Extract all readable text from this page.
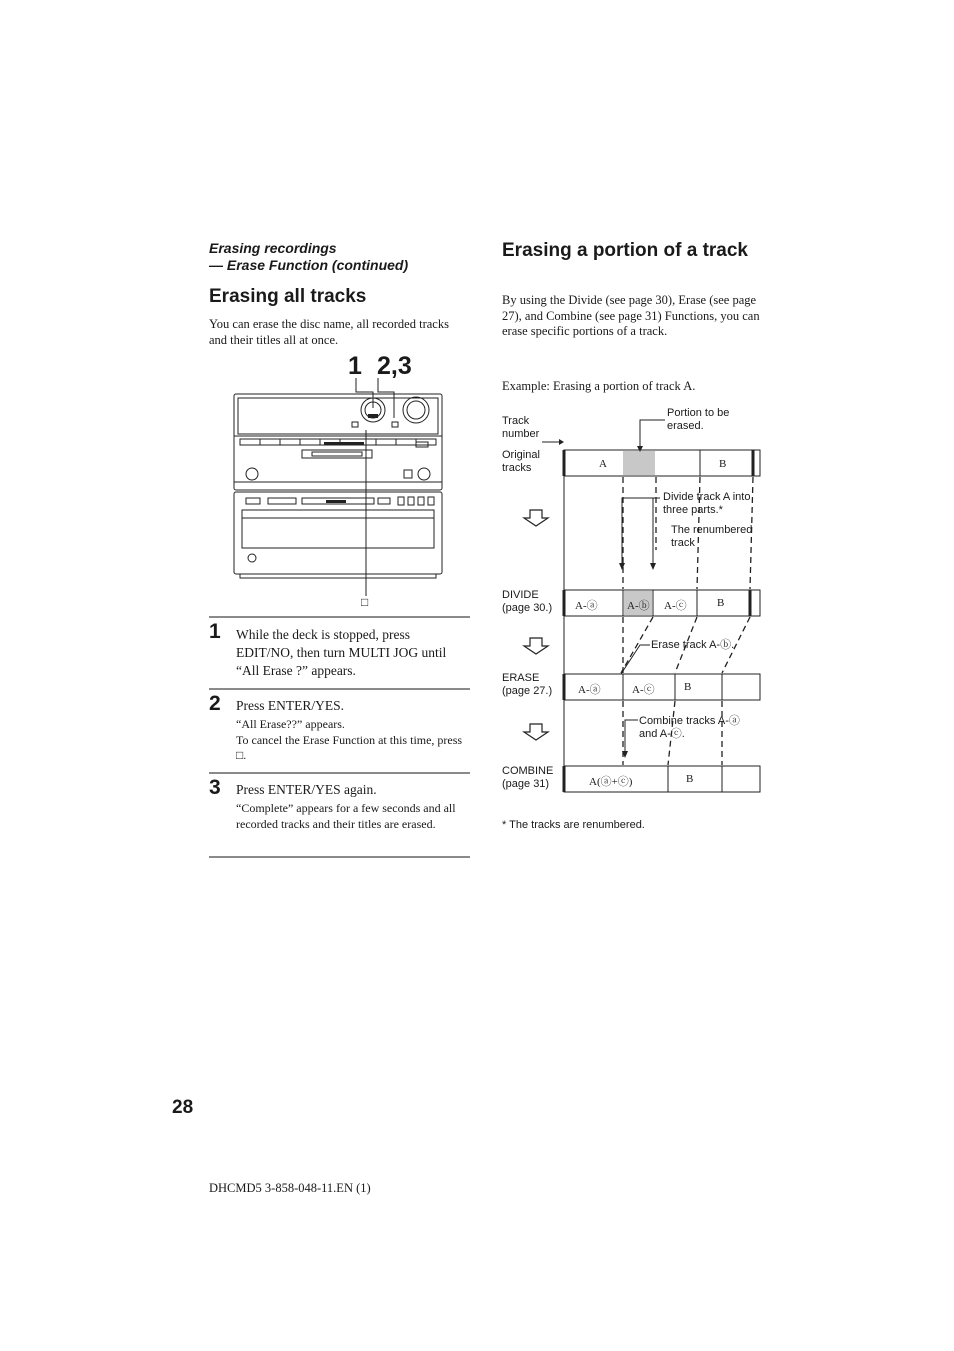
Erasing recordings
— Erase Function (continued)
Erasing all tracks
You can erase the disc name, all recorded tracks and their titles all at once.
1 2,3
□
1 While the deck is stopped, press EDIT/NO, then turn MULTI JOG until “All Erase ?” appears.
2 Press ENTER/YES.
“All Erase??” appears.
To cancel the Erase Function at this time, press □.
3 Press ENTER/YES again.
“Complete” appears for a few seconds and all recorded tracks and their titles are erased.
Erasing a portion of a track
By using the Divide (see page 30), Erase (see page 27), and Combine (see page 31) Functions, you can erase specific portions of a track.
Example: Erasing a portion of track A.
Track
number
Portion to be
erased.
Original
tracks
DIVIDE
(page 30.)
ERASE
(page 27.)
COMBINE
(page 31)
Divide track A into
three parts.*
The renumbered
track
Erase track A-ⓑ.
Combine tracks A-ⓐ
and A-ⓒ.
A	B
A-ⓐ	A-ⓑ A-ⓒ	B
A-ⓐ	A-ⓒ	B
A(ⓐ+ⓒ)	B
* The tracks are renumbered.
28
DHCMD5 3-858-048-11.EN (1)
